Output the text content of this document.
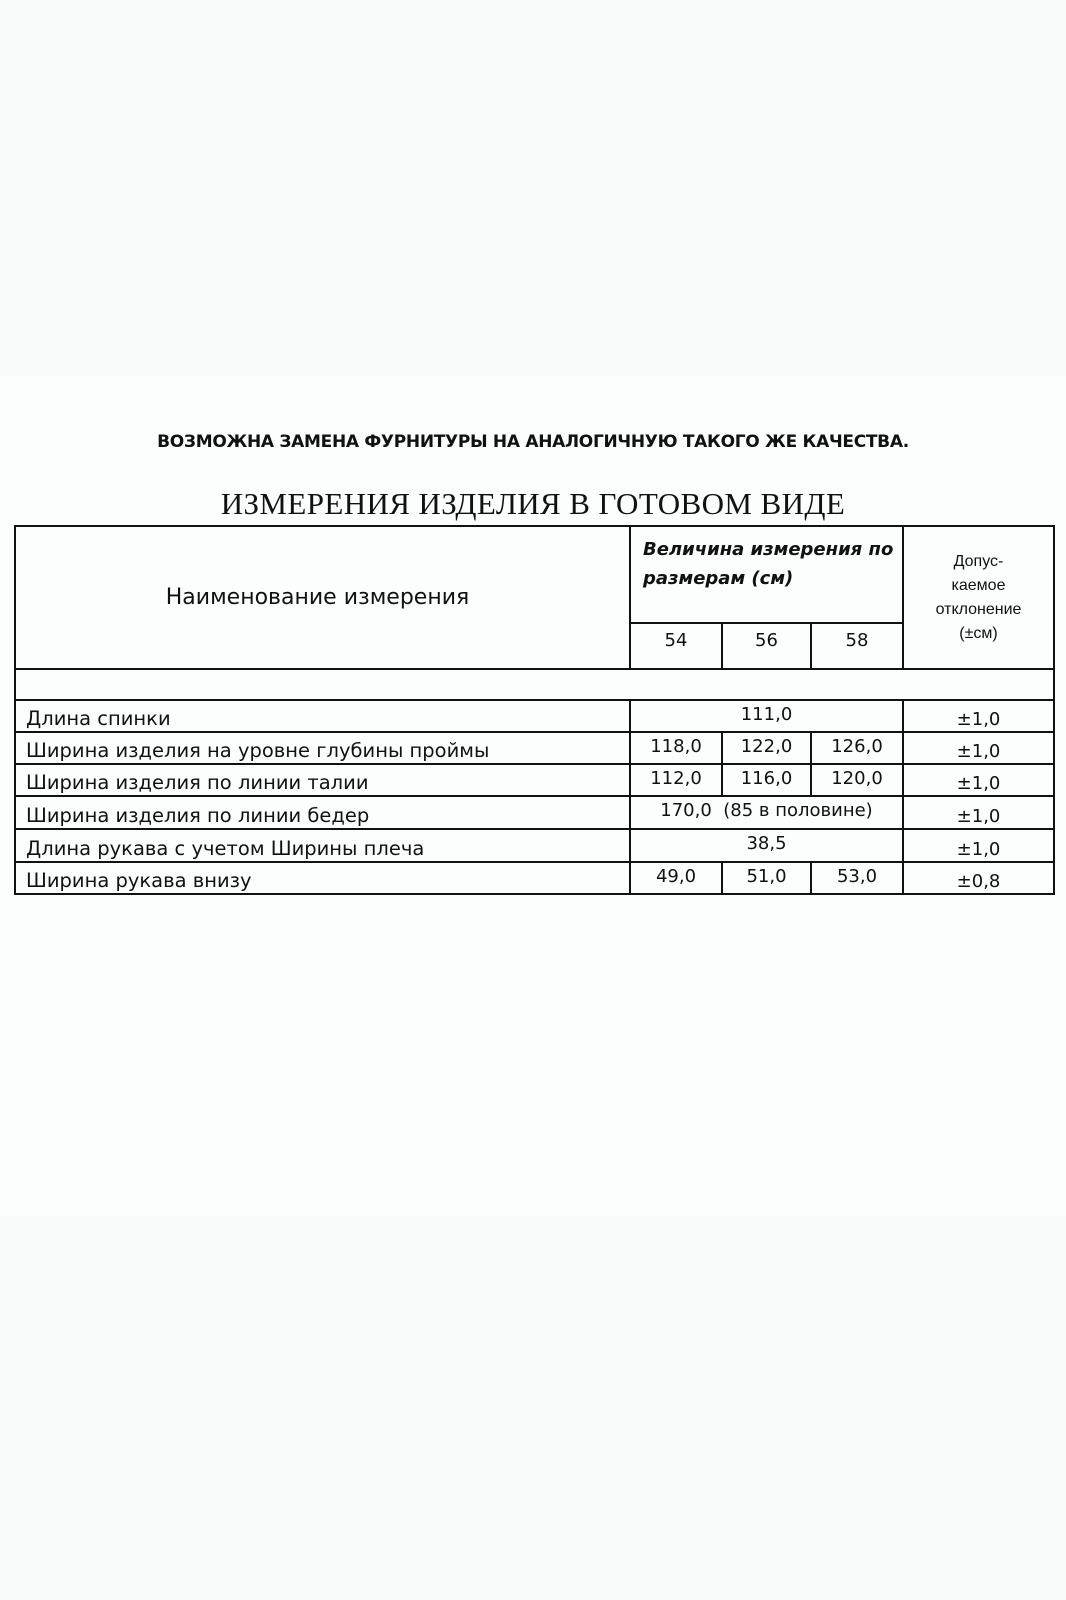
ВОЗМОЖНА ЗАМЕНА ФУРНИТУРЫ НА АНАЛОГИЧНУЮ ТАКОГО ЖЕ КАЧЕСТВА.
ИЗМЕРЕНИЯ ИЗДЕЛИЯ В ГОТОВОМ ВИДЕ
Наименование измерения	Величина измерения по размерам (см)			Допус-
каемое
отклонение
(±см)

	54	56	58	

Длина спинки	111,0			±1,0
Ширина изделия на уровне глубины проймы	118,0	122,0	126,0	±1,0
Ширина изделия по линии талии	112,0	116,0	120,0	±1,0
Ширина изделия по линии бедер	170,0  (85 в половине)			±1,0
Длина рукава с учетом Ширины плеча	38,5			±1,0
Ширина рукава внизу	49,0	51,0	53,0	±0,8
